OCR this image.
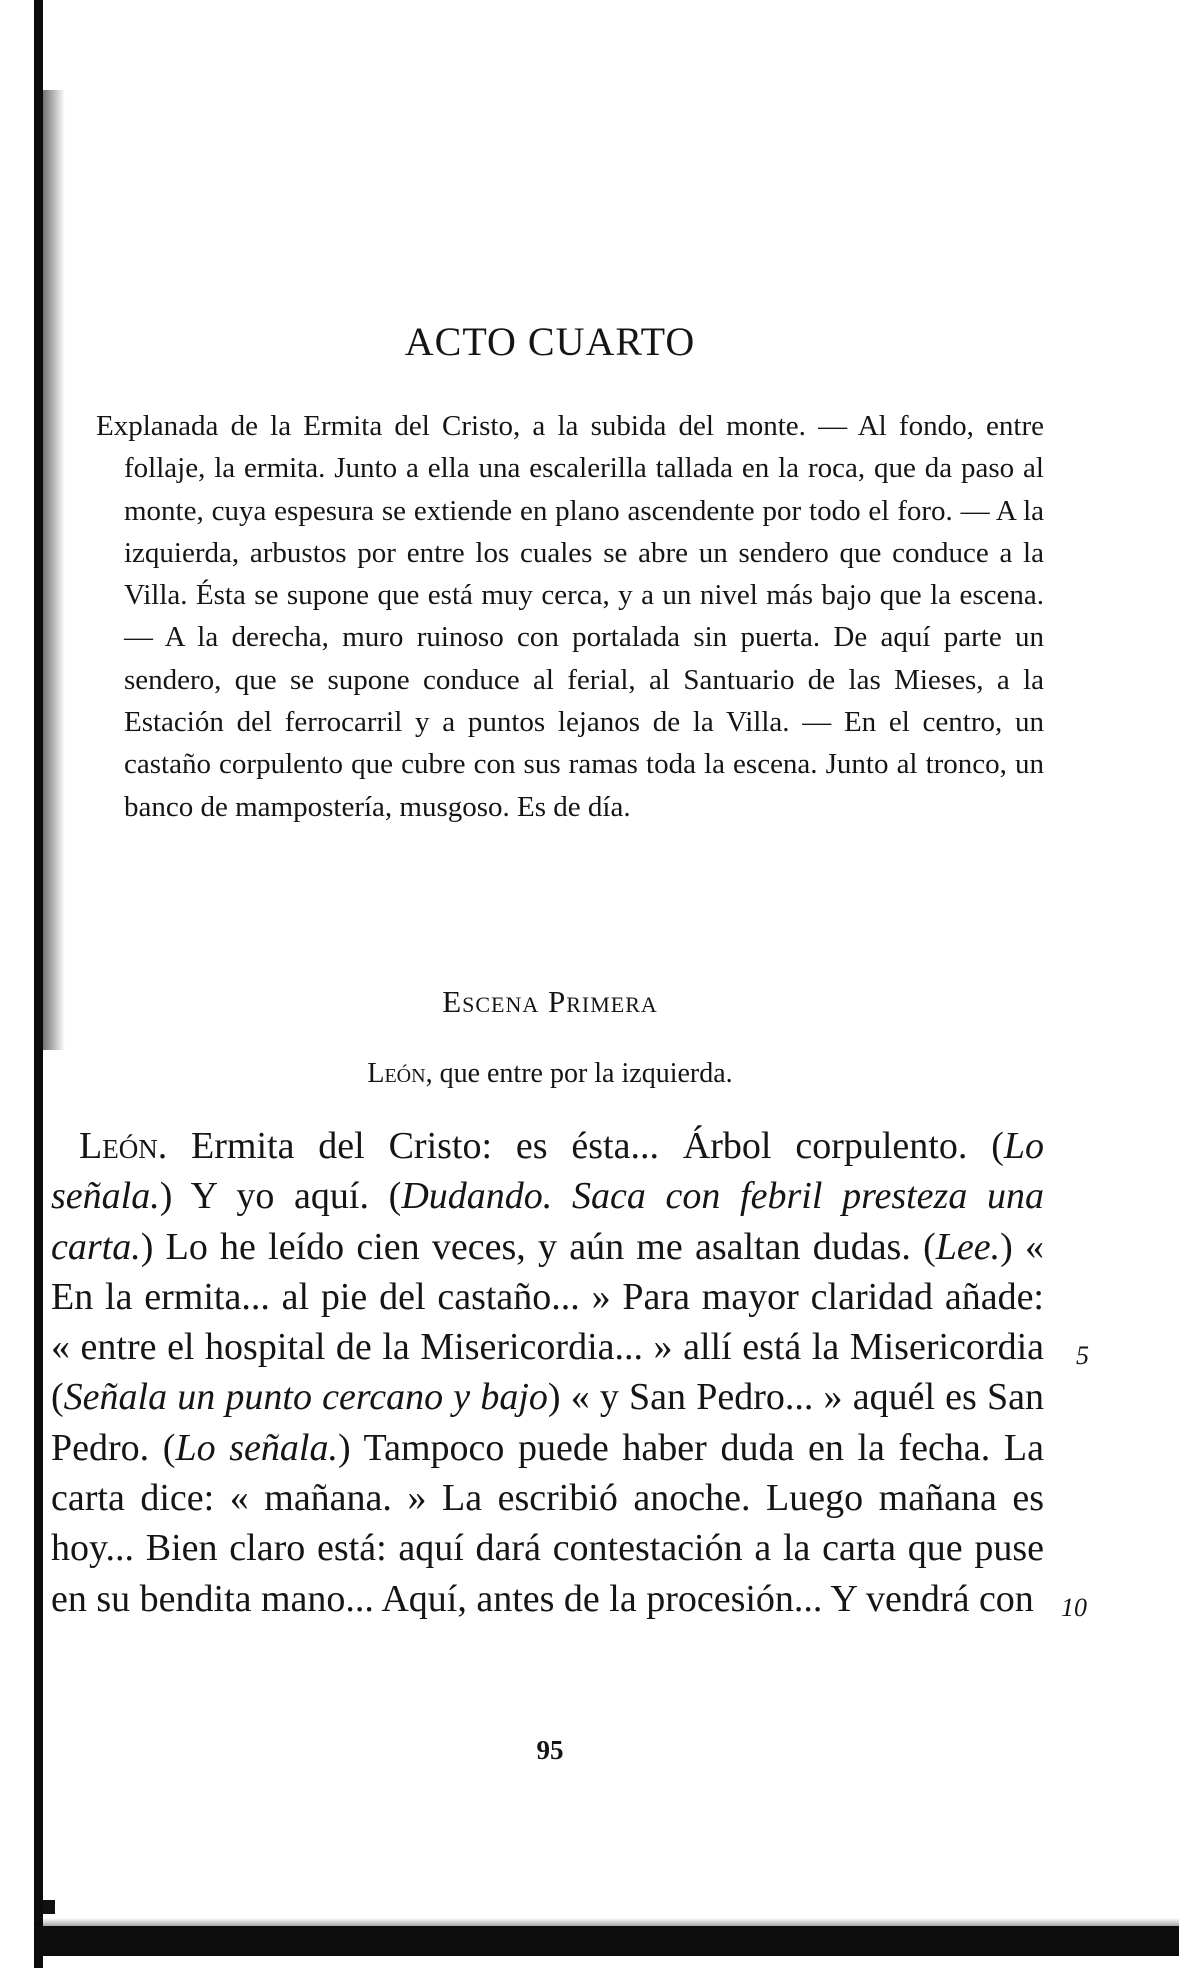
ACTO CUARTO

Explanada de la Ermita del Cristo, a la subida del monte. — Al fondo, entre follaje, la ermita. Junto a ella una escalerilla tallada en la roca, que da paso al monte, cuya espesura se extiende en plano ascendente por todo el foro. — A la izquierda, arbustos por entre los cuales se abre un sendero que conduce a la Villa. Ésta se supone que está muy cerca, y a un nivel más bajo que la escena. — A la derecha, muro ruinoso con portalada sin puerta. De aquí parte un sendero, que se supone conduce al ferial, al Santuario de las Mieses, a la Estación del ferrocarril y a puntos lejanos de la Villa. — En el centro, un castaño corpulento que cubre con sus ramas toda la escena. Junto al tronco, un banco de mampostería, musgoso. Es de día.

Escena Primera

León, que entre por la izquierda.

León. Ermita del Cristo: es ésta... Árbol corpulento. (Lo señala.) Y yo aquí. (Dudando. Saca con febril presteza una carta.) Lo he leído cien veces, y aún me asaltan dudas. (Lee.) « En la ermita... al pie del castaño... » Para mayor claridad añade: « entre el hospital de la Misericordia... » allí está la Misericordia (Señala un punto cercano y bajo) « y San Pedro... » aquél es San Pedro. (Lo señala.) Tampoco puede haber duda en la fecha. La carta dice: « mañana. » La escribió anoche. Luego mañana es hoy... Bien claro está: aquí dará contestación a la carta que puse en su bendita mano... Aquí, antes de la procesión... Y vendrá con

5
10
95
